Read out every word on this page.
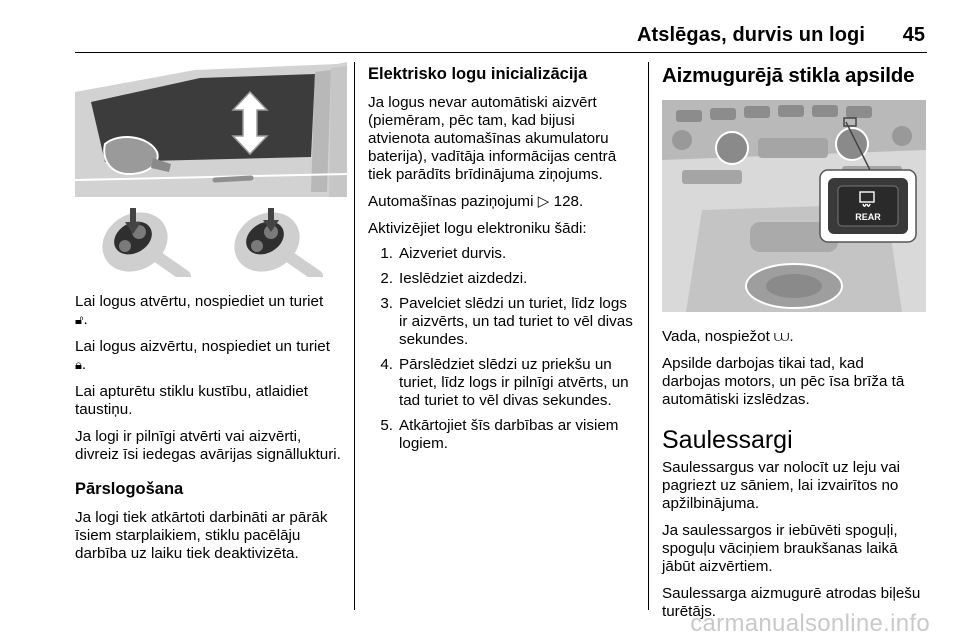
Atslēgas, durvis un logi 45

Lai logus atvērtu, nospiediet un turiet
🔓︎.

Lai logus aizvērtu, nospiediet un turiet
🔒︎.

Lai apturētu stiklu kustību, atlaidiet taustiņu.

Ja logi ir pilnīgi atvērti vai aizvērti, divreiz īsi iedegas avārijas signāllukturi.

Pārslogošana

Ja logi tiek atkārtoti darbināti ar pārāk īsiem starplaikiem, stiklu pacēlāju darbība uz laiku tiek deaktivizēta.

Elektrisko logu inicializācija

Ja logus nevar automātiski aizvērt (piemēram, pēc tam, kad bijusi atvienota automašīnas akumulatoru baterija), vadītāja informācijas centrā tiek parādīts brīdinājuma ziņojums.

Automašīnas paziņojumi ▷ 128.

Aktivizējiet logu elektroniku šādi:

1. Aizveriet durvis.
2. Ieslēdziet aizdedzi.
3. Pavelciet slēdzi un turiet, līdz logs ir aizvērts, un tad turiet to vēl divas sekundes.
4. Pārslēdziet slēdzi uz priekšu un turiet, līdz logs ir pilnīgi atvērts, un tad turiet to vēl divas sekundes.
5. Atkārtojiet šīs darbības ar visiem logiem.
Aizmugurējā stikla apsilde
REAR

Vada, nospiežot ⩊.

Apsilde darbojas tikai tad, kad darbojas motors, un pēc īsa brīža tā automātiski izslēdzas.

Saulessargi

Saulessargus var nolocīt uz leju vai pagriezt uz sāniem, lai izvairītos no apžilbinājuma.

Ja saulessargos ir iebūvēti spoguļi, spoguļu vāciņiem braukšanas laikā jābūt aizvērtiem.

Saulessarga aizmugurē atrodas biļešu turētājs.

carmanualsonline.info
